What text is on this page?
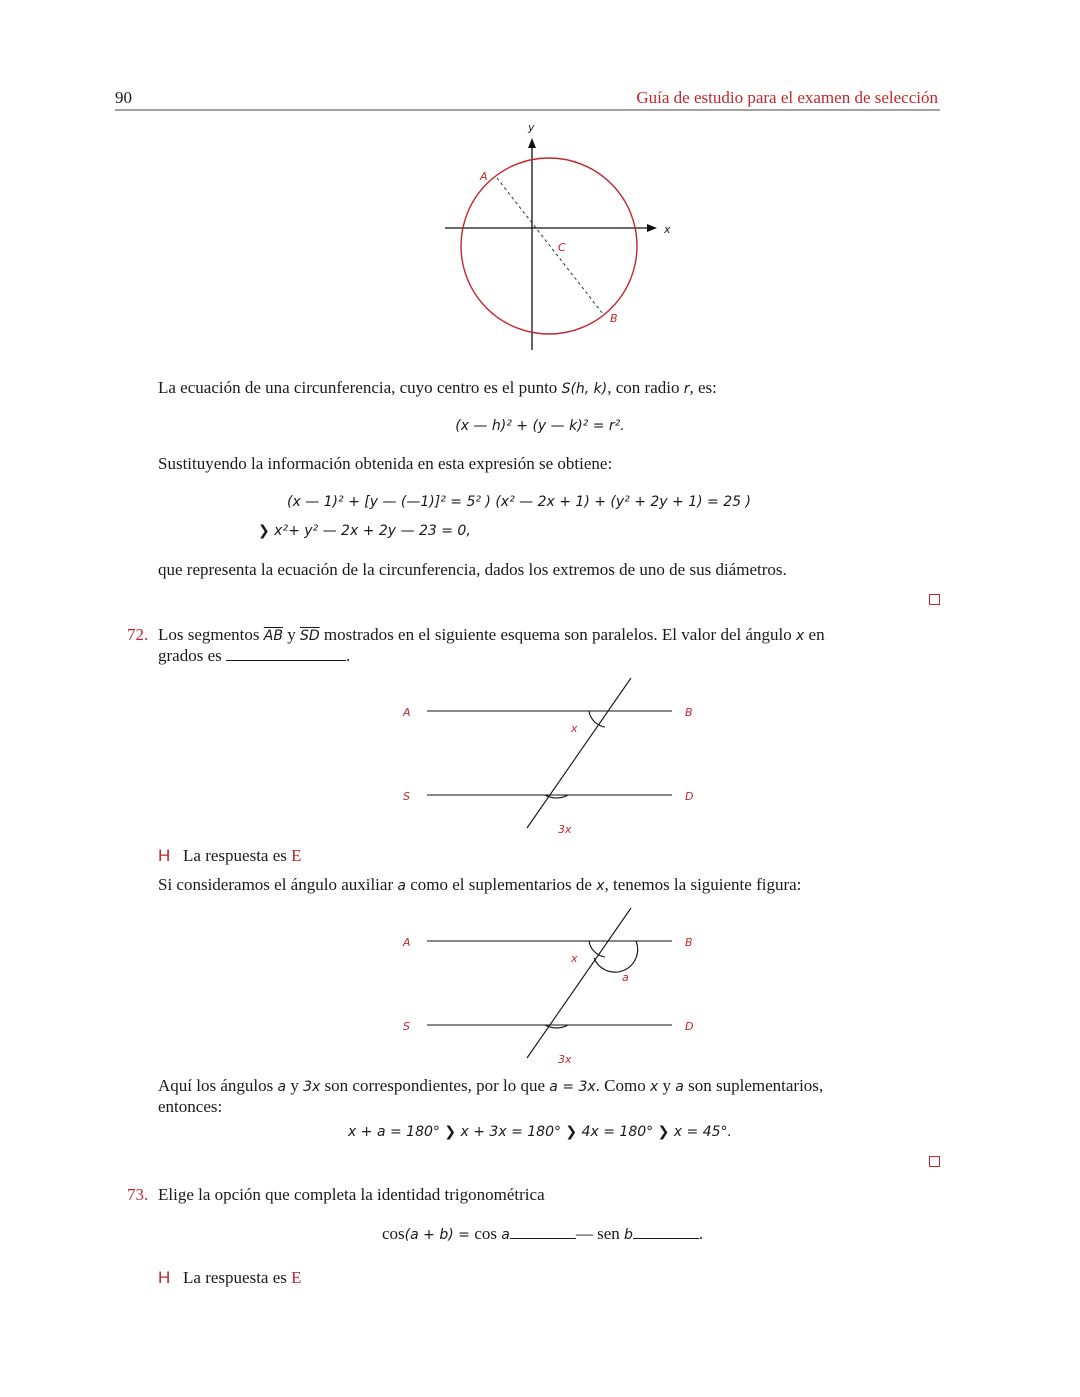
90	Guía de estudio para el examen de selección
y
x
A
B
C
La ecuación de una circunferencia, cuyo centro es el punto S(h, k), con radio r, es:
(x — h)² + (y — k)² = r².
Sustituyendo la información obtenida en esta expresión se obtiene:
(x — 1)² + [y — (—1)]² = 5² ) (x² — 2x + 1) + (y² + 2y + 1) = 25 )
❯ x²+ y² — 2x + 2y — 23 = 0,
que representa la ecuación de la circunferencia, dados los extremos de uno de sus diámetros.
72. Los segmentos $\overline{AB}$ y $\overline{SD}$ mostrados en el siguiente esquema son paralelos. El valor del ángulo x en
grados es	.
A	B
S	D
x
3x
H La respuesta es E
Si consideramos el ángulo auxiliar a como el suplementarios de x, tenemos la siguiente figura:
A	B
S	D
x
a
3x
Aquí los ángulos a y 3x son correspondientes, por lo que a = 3x. Como x y a son suplementarios,
entonces:
x + a = 180° ❯ x + 3x = 180° ❯ 4x = 180° ❯ x = 45°.
73. Elige la opción que completa la identidad trigonométrica
cos(a + b) = cos a	— sen b	.
H La respuesta es E
